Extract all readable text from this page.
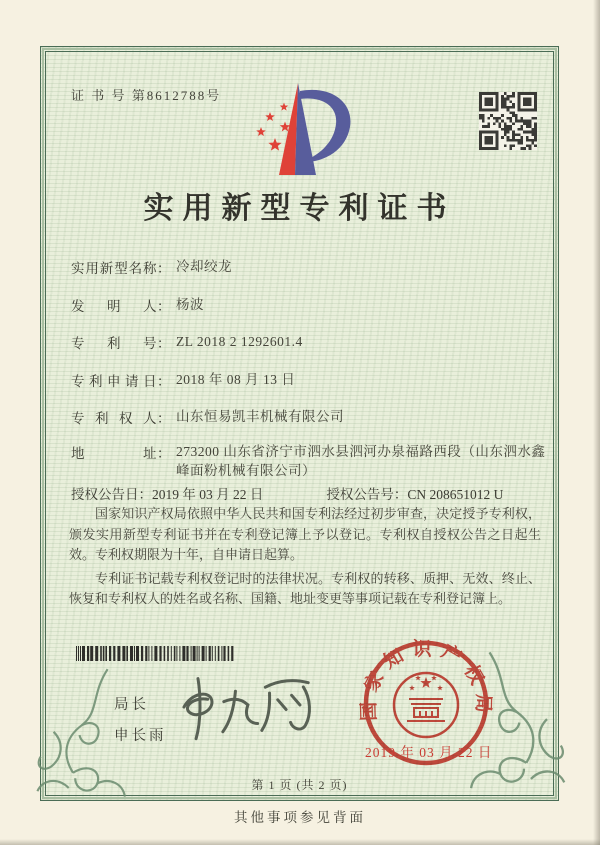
证 书 号 第8612788号
实用新型专利证书
实用新型名称 ： 冷却绞龙
发明人 ： 杨波
专利号 ： ZL 2018 2 1292601.4
专利申请日 ： 2018 年 08 月 13 日
专利权人 ： 山东恒易凯丰机械有限公司
地址 ： 273200 山东省济宁市泗水县泗河办泉福路西段（山东泗水鑫峰面粉机械有限公司）
授权公告日：2019 年 03 月 22 日	授权公告号：CN 208651012 U

国家知识产权局依照中华人民共和国专利法经过初步审查，决定授予专利权，颁发实用新型专利证书并在专利登记簿上予以登记。专利权自授权公告之日起生效。专利权期限为十年，自申请日起算。

专利证书记载专利权登记时的法律状况。专利权的转移、质押、无效、终止、恢复和专利权人的姓名或名称、国籍、地址变更等事项记载在专利登记簿上。

局长
申长雨
国家知识产权局
2019 年 03 月 22 日
第 1 页 (共 2 页)
其他事项参见背面
